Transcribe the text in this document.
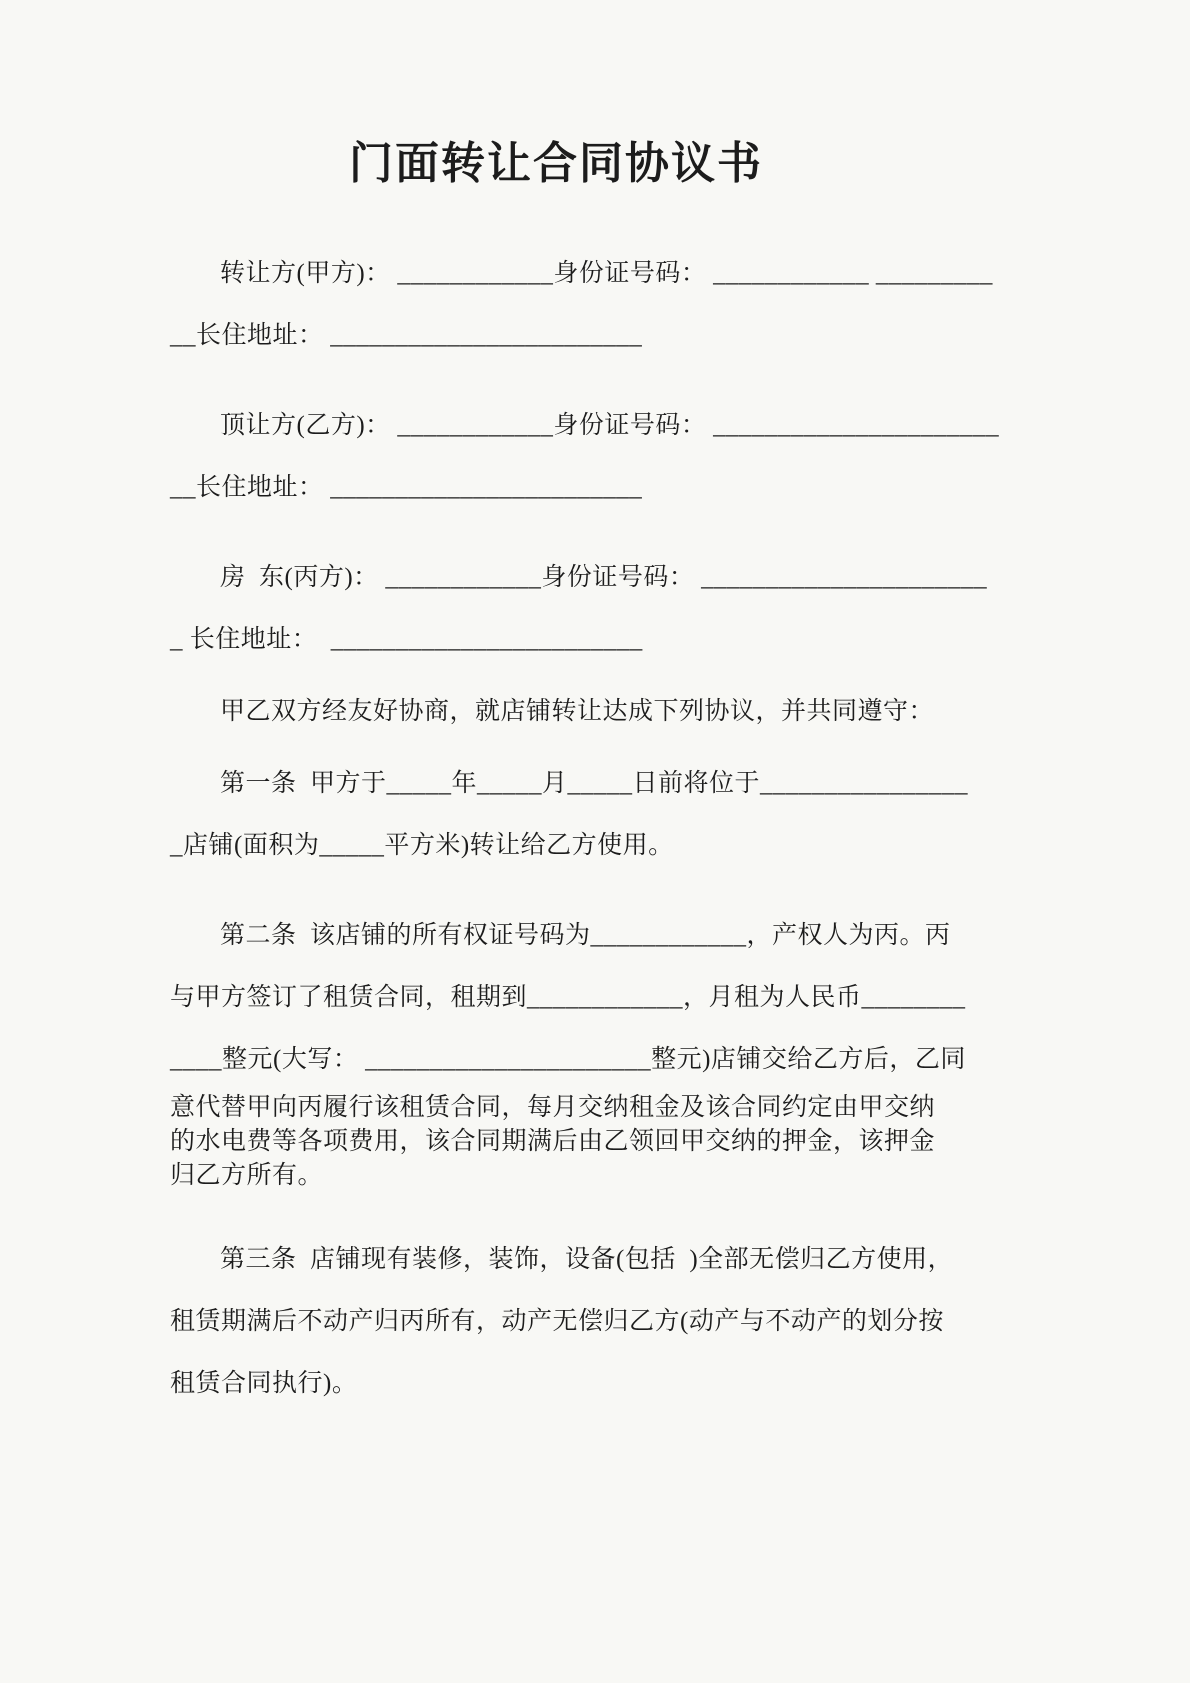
门面转让合同协议书
转让方(甲方)： ____________身份证号码： ____________ _________
__长住地址： ________________________
顶让方(乙方)： ____________身份证号码： ______________________
__长住地址： ________________________
房  东(丙方)： ____________身份证号码： ______________________
_ 长住地址：  ________________________
甲乙双方经友好协商，就店铺转让达成下列协议，并共同遵守：
第一条  甲方于_____年_____月_____日前将位于________________
_店铺(面积为_____平方米)转让给乙方使用。
第二条  该店铺的所有权证号码为____________，产权人为丙。丙
与甲方签订了租赁合同，租期到____________，月租为人民币________
____整元(大写： ______________________整元)店铺交给乙方后，乙同
意代替甲向丙履行该租赁合同，每月交纳租金及该合同约定由甲交纳
的水电费等各项费用，该合同期满后由乙领回甲交纳的押金，该押金
归乙方所有。
第三条  店铺现有装修，装饰，设备(包括  )全部无偿归乙方使用，
租赁期满后不动产归丙所有，动产无偿归乙方(动产与不动产的划分按
租赁合同执行)。
